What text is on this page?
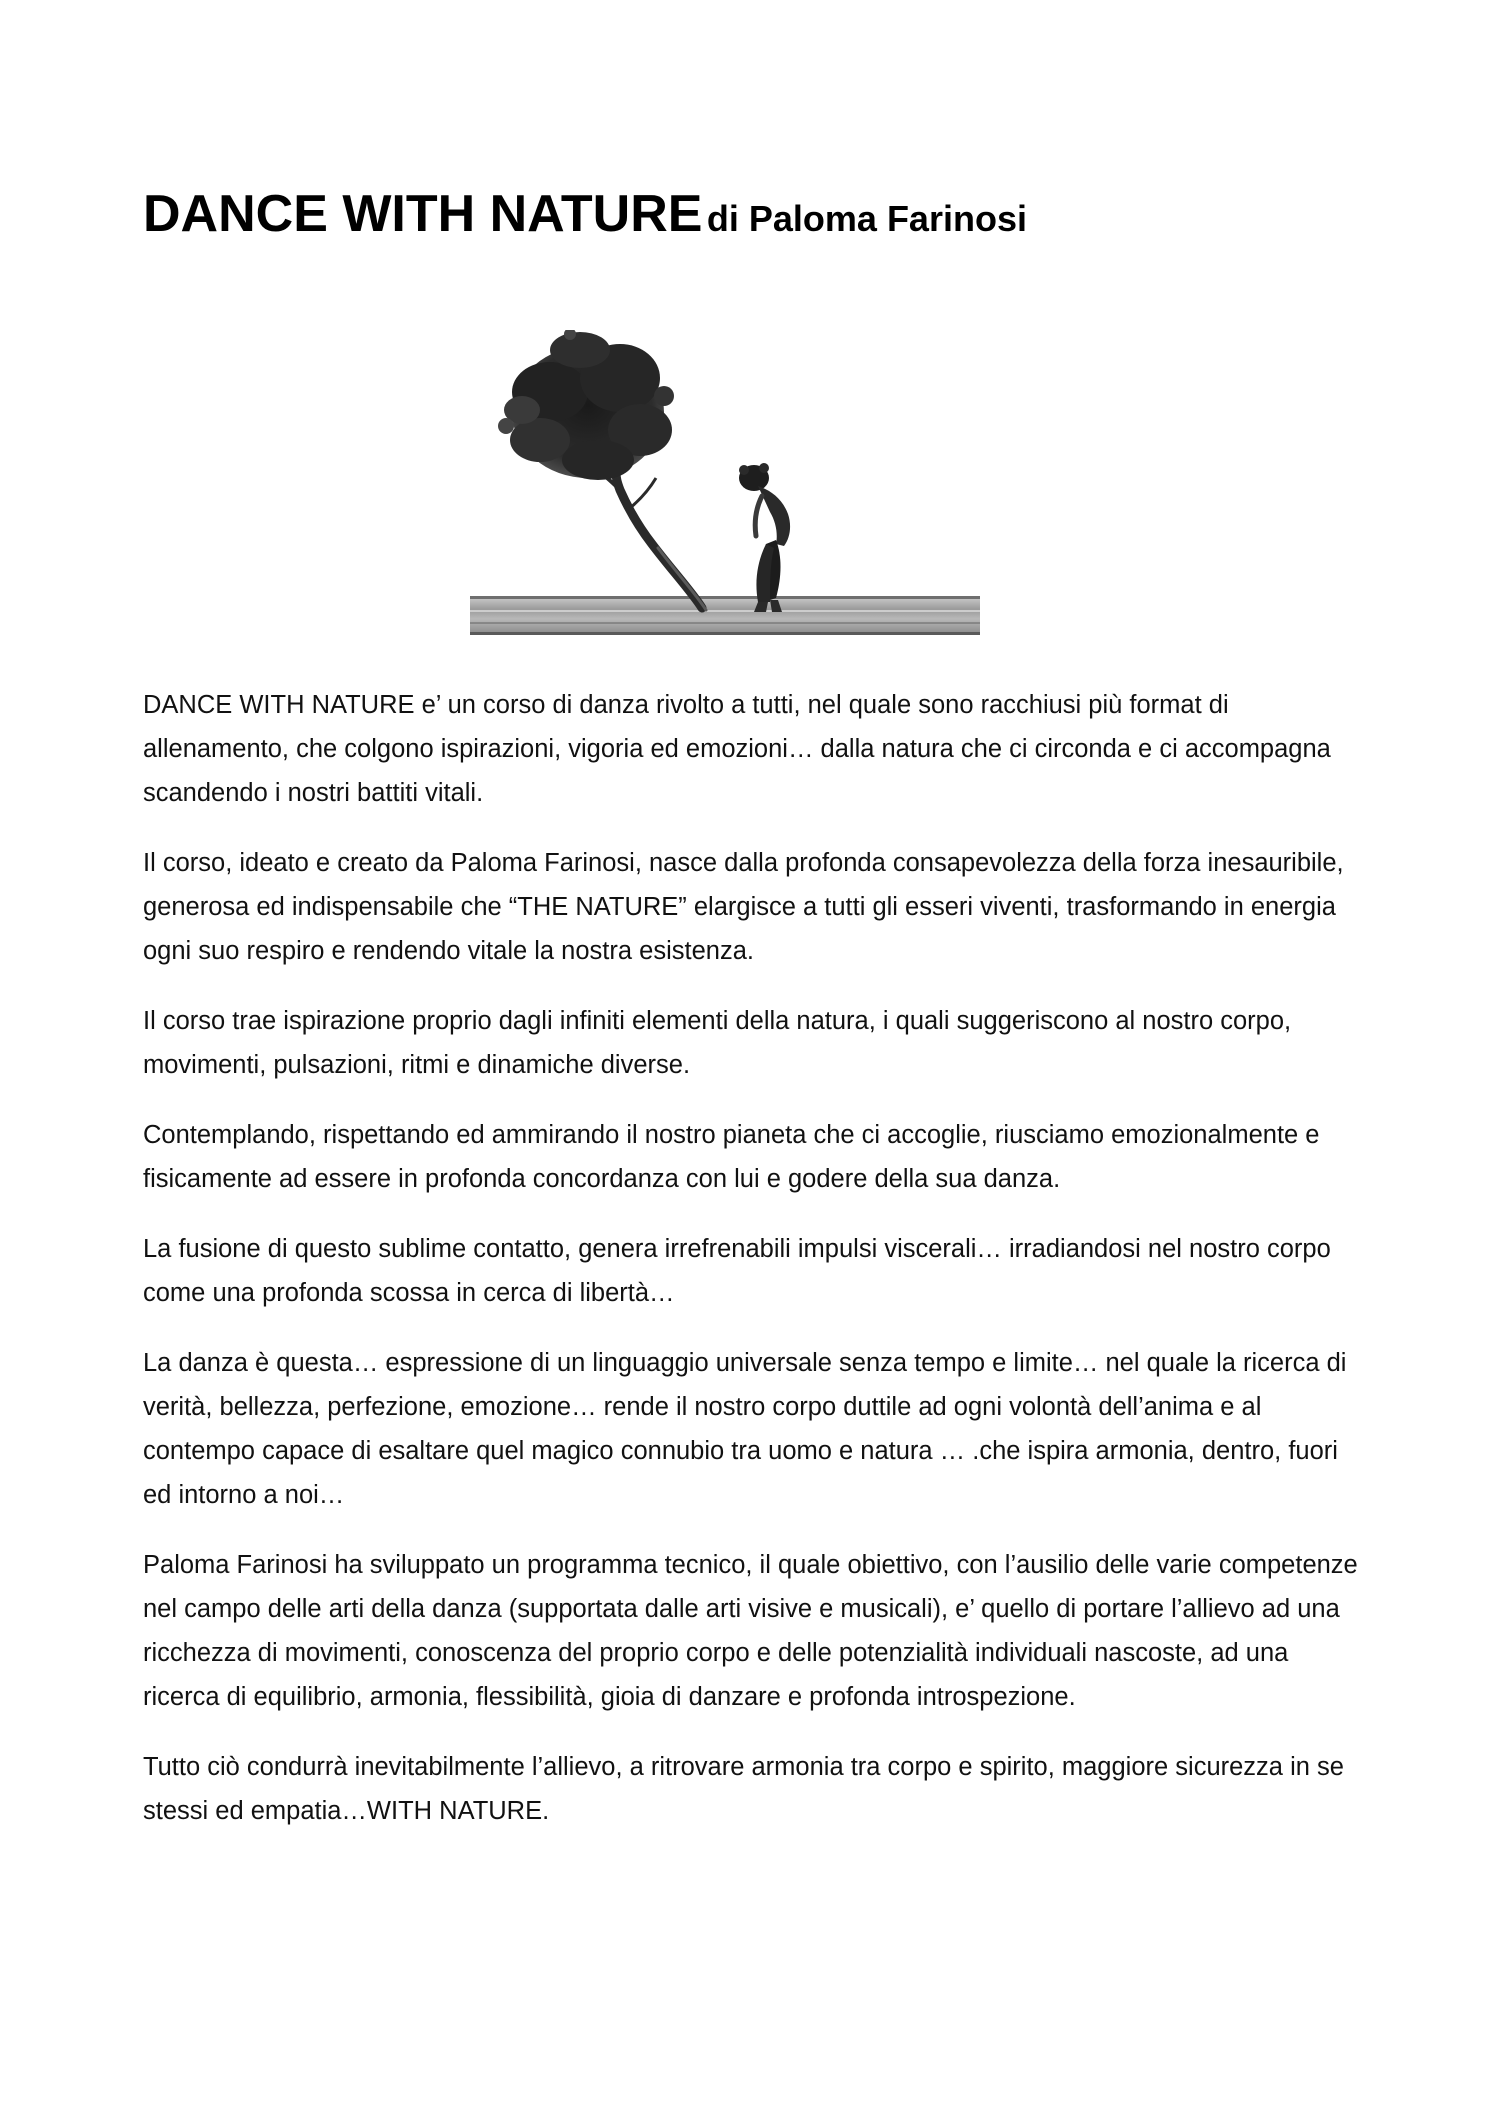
DANCE WITH NATURE di Paloma Farinosi

DANCE WITH NATURE e’ un corso di danza rivolto a tutti, nel quale sono racchiusi più format di allenamento, che colgono ispirazioni, vigoria ed emozioni… dalla natura che ci circonda e ci accompagna scandendo i nostri battiti vitali.

Il corso, ideato e creato da Paloma Farinosi, nasce dalla profonda consapevolezza della forza inesauribile, generosa ed indispensabile che “THE NATURE” elargisce a tutti gli esseri viventi, trasformando in energia ogni suo respiro e rendendo vitale la nostra esistenza.

Il corso trae ispirazione proprio dagli infiniti elementi della natura, i quali suggeriscono al nostro corpo, movimenti, pulsazioni, ritmi e dinamiche diverse.

Contemplando, rispettando ed ammirando il nostro pianeta che ci accoglie, riusciamo emozionalmente e fisicamente ad essere in profonda concordanza con lui e godere della sua danza.

La fusione di questo sublime contatto, genera irrefrenabili impulsi viscerali… irradiandosi nel nostro corpo come una profonda scossa in cerca di libertà…

La danza è questa… espressione di un linguaggio universale senza tempo e limite… nel quale la ricerca di verità, bellezza, perfezione, emozione… rende il nostro corpo duttile ad ogni volontà dell’anima e al contempo capace di esaltare quel magico connubio tra uomo e natura … .che ispira armonia, dentro, fuori ed intorno a noi…

Paloma Farinosi ha sviluppato un programma tecnico, il quale obiettivo, con l’ausilio delle varie competenze nel campo delle arti della danza (supportata dalle arti visive e musicali), e’ quello di portare l’allievo ad una ricchezza di movimenti, conoscenza del proprio corpo e delle potenzialità individuali nascoste, ad una ricerca di equilibrio, armonia, flessibilità, gioia di danzare e profonda introspezione.

Tutto ciò condurrà inevitabilmente l’allievo, a ritrovare armonia tra corpo e spirito, maggiore sicurezza in se stessi ed empatia…WITH NATURE.
